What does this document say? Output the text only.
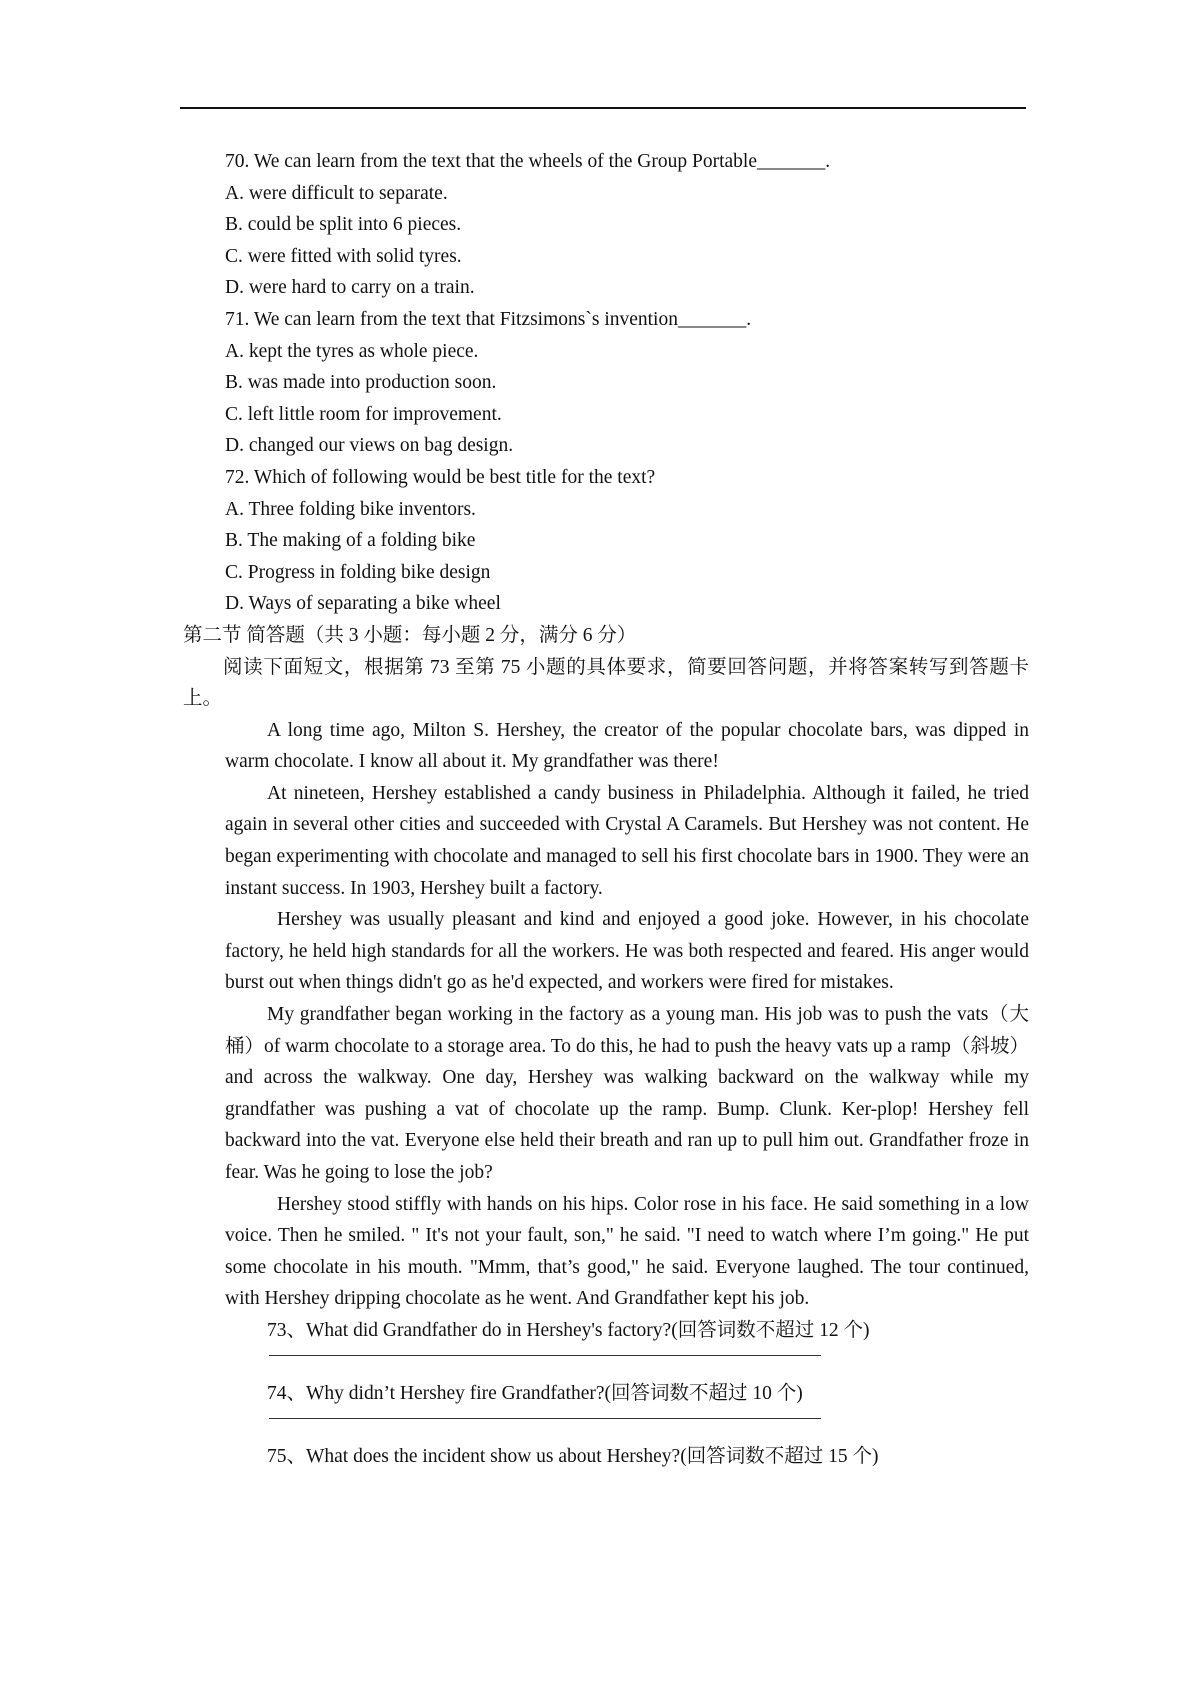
70. We can learn from the text that the wheels of the Group Portable_______.
A. were difficult to separate.
B. could be split into 6 pieces.
C. were fitted with solid tyres.
D. were hard to carry on a train.
71. We can learn from the text that Fitzsimons`s invention_______.
A. kept the tyres as whole piece.
B. was made into production soon.
C. left little room for improvement.
D. changed our views on bag design.
72. Which of following would be best title for the text?
A. Three folding bike inventors.
B. The making of a folding bike
C. Progress in folding bike design
D. Ways of separating a bike wheel
第二节 简答题（共 3 小题：每小题 2 分，满分 6 分）
阅读下面短文，根据第 73 至第 75 小题的具体要求，简要回答问题，并将答案转写到答题卡上。

A long time ago, Milton S. Hershey, the creator of the popular chocolate bars, was dipped in warm chocolate. I know all about it. My grandfather was there!

At nineteen, Hershey established a candy business in Philadelphia. Although it failed, he tried again in several other cities and succeeded with Crystal A Caramels. But Hershey was not content. He began experimenting with chocolate and managed to sell his first chocolate bars in 1900. They were an instant success. In 1903, Hershey built a factory.

Hershey was usually pleasant and kind and enjoyed a good joke. However, in his chocolate factory, he held high standards for all the workers. He was both respected and feared. His anger would burst out when things didn't go as he'd expected, and workers were fired for mistakes.

My grandfather began working in the factory as a young man. His job was to push the vats（大桶）of warm chocolate to a storage area. To do this, he had to push the heavy vats up a ramp（斜坡）and across the walkway. One day, Hershey was walking backward on the walkway while my grandfather was pushing a vat of chocolate up the ramp. Bump. Clunk. Ker-plop! Hershey fell backward into the vat. Everyone else held their breath and ran up to pull him out. Grandfather froze in fear. Was he going to lose the job?

Hershey stood stiffly with hands on his hips. Color rose in his face. He said something in a low voice. Then he smiled. " It's not your fault, son," he said. "I need to watch where I’m going." He put some chocolate in his mouth. "Mmm, that’s good," he said. Everyone laughed. The tour continued, with Hershey dripping chocolate as he went. And Grandfather kept his job.

73、What did Grandfather do in Hershey's factory?(回答词数不超过 12 个)
74、Why didn’t Hershey fire Grandfather?(回答词数不超过 10 个)
75、What does the incident show us about Hershey?(回答词数不超过 15 个)
